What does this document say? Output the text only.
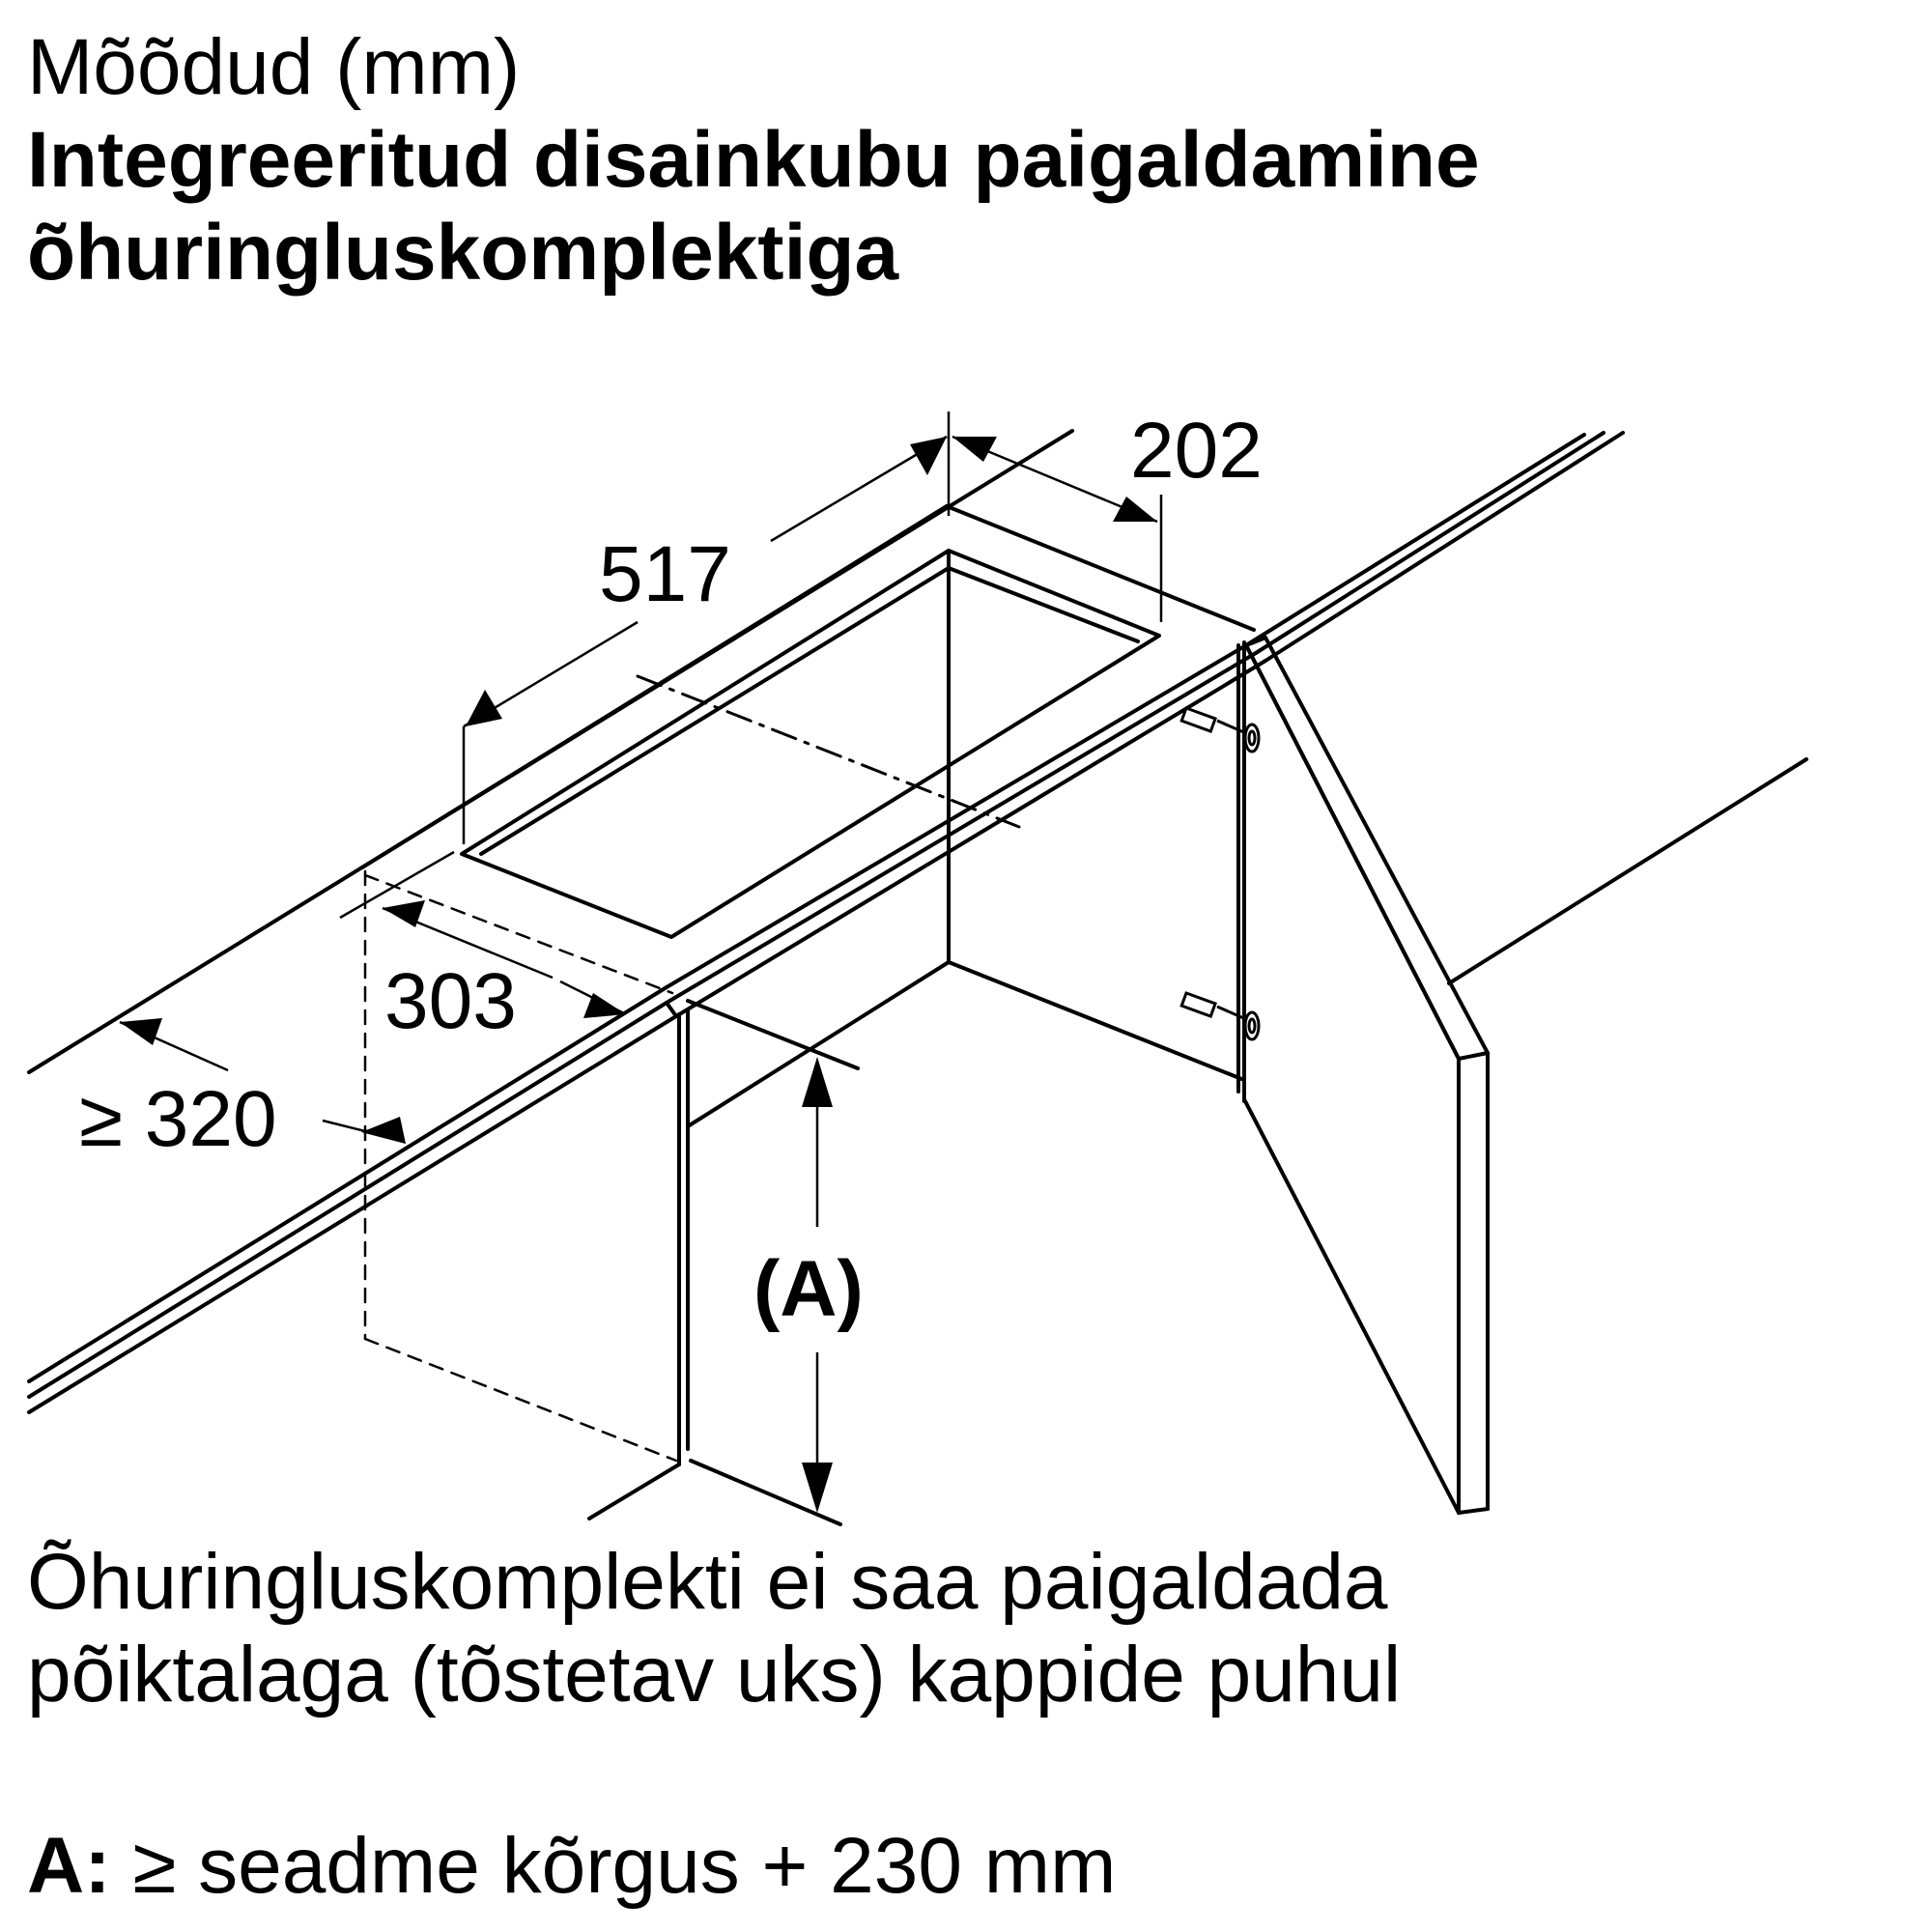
Mõõdud (mm)
Integreeritud disainkubu paigaldamine
õhuringluskomplektiga
202
517
303
≥ 320
(A)
Õhuringluskomplekti ei saa paigaldada
põiktalaga (tõstetav uks) kappide puhul
A: ≥ seadme kõrgus + 230 mm
